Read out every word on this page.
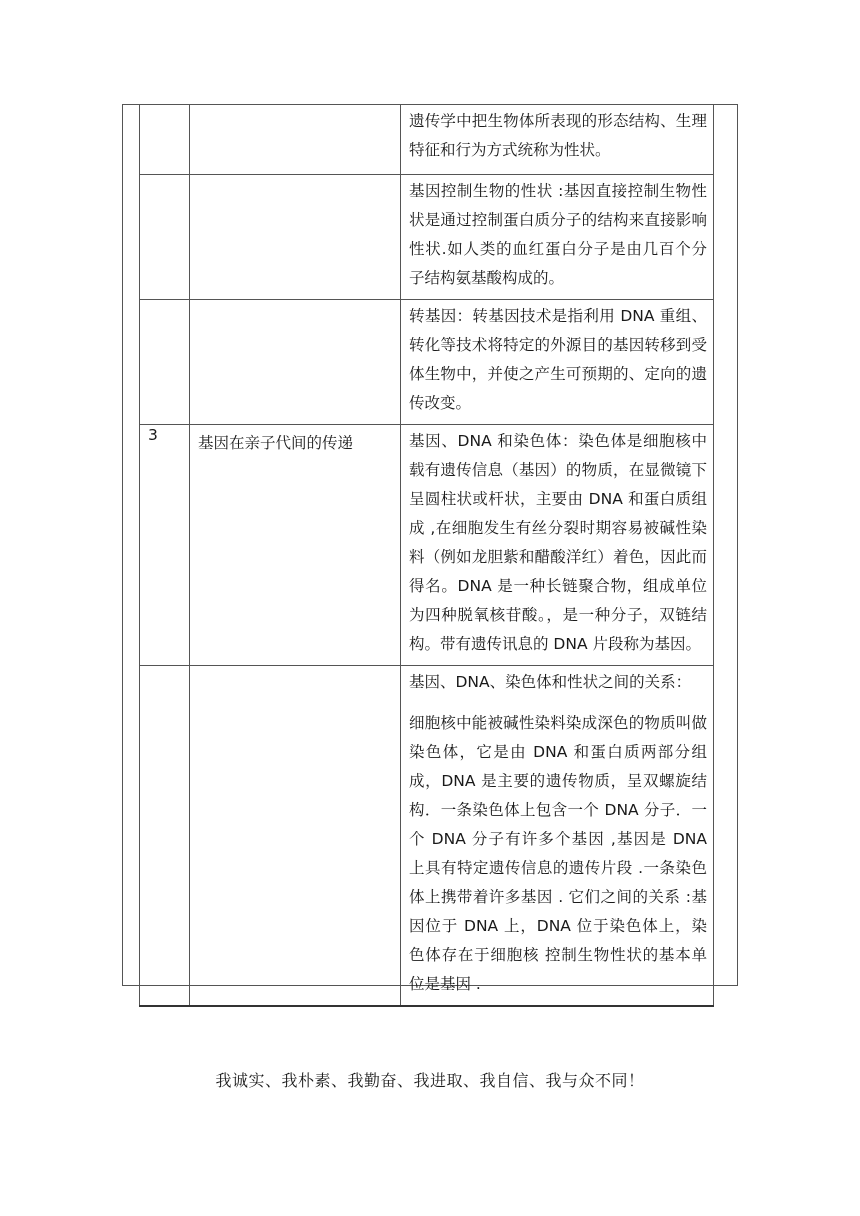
		遗传学中把生物体所表现的形态结构、生理特征和行为方式统称为性状。

		基因控制生物的性状 :基因直接控制生物性状是通过控制蛋白质分子的结构来直接影响性状.如人类的血红蛋白分子是由几百个分子结构氨基酸构成的。

		转基因：转基因技术是指利用 DNA 重组、转化等技术将特定的外源目的基因转移到受体生物中，并使之产生可预期的、定向的遗传改变。

3	基因在亲子代间的传递	基因、DNA 和染色体：染色体是细胞核中载有遗传信息（基因）的物质，在显微镜下呈圆柱状或杆状，主要由 DNA 和蛋白质组成 ,在细胞发生有丝分裂时期容易被碱性染料（例如龙胆紫和醋酸洋红）着色，因此而得名。DNA 是一种长链聚合物，组成单位为四种脱氧核苷酸。，是一种分子，双链结构。带有遗传讯息的 DNA 片段称为基因。

		基因、DNA、染色体和性状之间的关系：

细胞核中能被碱性染料染成深色的物质叫做染色体，它是由 DNA 和蛋白质两部分组成，DNA 是主要的遗传物质，呈双螺旋结构．一条染色体上包含一个 DNA 分子．一个 DNA 分子有许多个基因 ,基因是 DNA 上具有特定遗传信息的遗传片段 .一条染色体上携带着许多基因 . 它们之间的关系 :基因位于 DNA 上，DNA 位于染色体上，染色体存在于细胞核 控制生物性状的基本单位是基因 .

我诚实、我朴素、我勤奋、我进取、我自信、我与众不同！
